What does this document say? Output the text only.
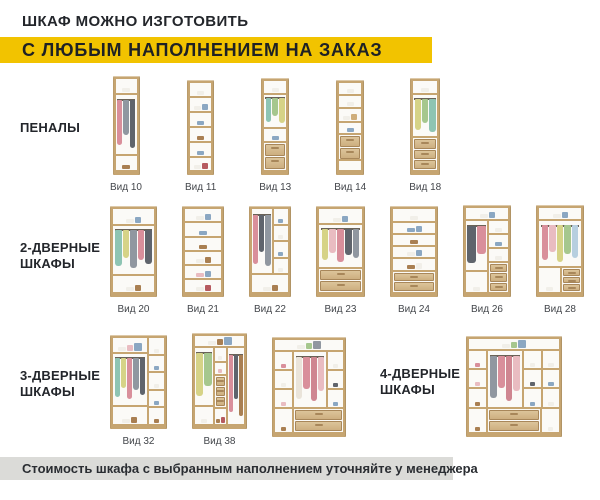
ШКАФ МОЖНО ИЗГОТОВИТЬ
С ЛЮБЫМ НАПОЛНЕНИЕМ НА ЗАКАЗ
ПЕНАЛЫ
2-ДВЕРНЫЕ ШКАФЫ
3-ДВЕРНЫЕ ШКАФЫ
4-ДВЕРНЫЕ ШКАФЫ
Вид 10	Вид 11	Вид 13	Вид 14	Вид 18
Вид 20	Вид 21	Вид 22	Вид 23	Вид 24	Вид 26	Вид 28
Вид 32	Вид 38
Стоимость шкафа с выбранным наполнением уточняйте у менеджера
